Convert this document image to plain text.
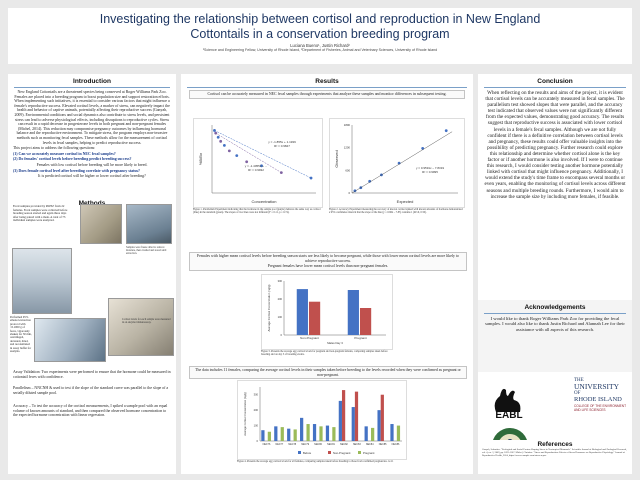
Investigating the relationship between cortisol and reproduction in New England
Cottontails in a conservation breeding program
Luciana Bueno¹, Justin Richard²
¹Science and Engineering Fellow, University of Rhode Island, ²Department of Fisheries, Animal and Veterinary Sciences, University of Rhode Island
Introduction

New England Cottontails are a threatened species being conserved at Roger Williams Park Zoo. Females are placed into a breeding program to boost population size and support restoration efforts. When implementing such initiatives, it is essential to consider various factors that might influence a female's reproductive success. Elevated cortisol levels, a marker of stress, can negatively impact the health and behavior of captive animals, potentially affecting their reproductive success (Ganyah, 2009). Environmental conditions and social dynamics also contribute to stress levels, and persistent stress can lead to adverse physiological effects, including disruptions to reproductive cycles. Stress can result in a rapid decrease in progesterone levels in both pregnant and non-pregnant females (Michel, 2014). This reduction may compromise pregnancy outcomes by influencing hormonal balance and the reproductive environment. To mitigate stress, the program employs non-invasive methods such as monitoring fecal samples. These methods allow for the measurement of cortisol levels in fecal samples, helping to predict reproductive success.

This project aims to address the following questions:

(1) Can we accurately measure cortisol in NEC fecal samples?

(2) Do females' cortisol levels before breeding predict breeding success?

Females with low cortisol before breeding will be more likely to breed.

(3) Does female cortisol level after breeding correlate with pregnancy status?

It is predicted cortisol will be higher or lower cortisol after breeding?

Fecal samples provided by RWPZ from 22 females. Fecal samples were collected before breeding season started and again three days after being paired with a male. A total of 73 individual samples were analyzed.
Samples were freeze dried to remove moisture, then crushed and stored until extraction.
Performed 95% ethanol extraction protocol with ~0.1000 g of feces, vigorously shaken for 30 min, centrifuged, decanted, dried, and reconstituted in assay buffer for analysis.
Cortisol levels for each sample were measured in an enzyme immunoassay.
Assay Validation: Two experiments were performed to ensure that the hormone could be measured in cottontail feces with confidence.
Parallelism – NNCNH & used to test if the slope of the standard curve was parallel to the slope of a serially diluted sample pool.
Accuracy – To test the accuracy of the cortisol measurements, I spiked a sample pool with an equal volume of known amounts of standard, and then compared the observed hormone concentration to the expected hormone concentration with linear regression.
Results
Cortisol can be accurately measured in NEC fecal samples through experiments that analyze these samples and monitor differences in subsequent testing.
Concentration
%B/Bo
y = -1.855x + 1.1939
R² = 0.9847
y = -1.4055x + ...
R² = 0.9932
Figure 1. Parallelism Experiment indicating that the hormone in the sample pool (purple) behaves the same way as cortisol (blue) in the standard (green). The slopes of two lines were not different (F = 0.11, p = 0.74).
0
600
1200
1800
Expected
Observed
y = 0.9591x – 7.8319
R² = 0.9995
Figure 2. Accuracy Experiment measuring the recovery of known cortisol spiked with known amounts of hormone demonstrated a 95% confidence interval that the slope of the line (y = 0.96x – 7.83) contains 1 (R²=0, 0.50).
Females with higher mean cortisol levels before breeding season starts are less likely to become pregnant, while those with lower mean cortisol levels are more likely to achieve reproductive success.
Pregnant females have lower mean cortisol levels than non-pregnant females.
0
100
200
300
Non-Pregnant	Pregnant
Males Day 3
Average Cortisol Concentration (ng/g)
Figure 3. Presents the average egg cortisol levels for pregnant and non-pregnant females, comparing samples taken before breeding and on day 3 of breeding events.
The data includes 11 females, comparing the average cortisol levels in their samples taken before breeding to the levels recorded when they were confirmed as pregnant or non-pregnant.
0
100
200
300
NEC76 NEC77 NEC78 NEC79 NEC80 NEC81 NEC82 NEC83 NEC84 NEC85 NEC86
Before	Non-Pregnant	Pregnant
Average Cortisol Concentration (ng/g)
Figure 4. Presents the average egg cortisol levels for all females, comparing samples taken before breeding to those from confirmed pregnancies. n=11
Conclusion
When reflecting on the results and aims of the project, it is evident that cortisol levels can be accurately measured in fecal samples. The parallelism test showed slopes that were parallel, and the accuracy test indicated that observed values were not significantly different from the expected values, demonstrating good accuracy. The results suggest that reproductive success is associated with lower cortisol levels in a female's fecal samples. Although we are not fully confident if there is a definitive correlation between cortisol levels and pregnancy, these results could offer valuable insights into the possibility of predicting pregnancy. Further research could explore this relationship and determine whether cortisol alone is the key factor or if another hormone is also involved. If I were to continue this research, I would consider testing another hormone potentially linked with cortisol that might influence pregnancy. Additionally, I would extend the study's time frame to encompass several months or even years, enabling the monitoring of cortisol levels across different seasons and multiple breeding rounds. Furthermore, I would aim to increase the sample size by including more females, if feasible.
Acknowledgements
I would like to thank Roger Williams Park Zoo for providing the fecal samples. I would also like to thank Justin Richard and Alannah Lee for their assistance with all aspects of this research.
EABL
THE
UNIVERSITY
OF
RHODE ISLAND
COLLEGE OF THE ENVIRONMENT AND LIFE SCIENCES
References
Ganyah, Sebastien. "Ecological and Social Factors Shaping Stress in Neotropical Mammals." Scientific Journal of Biological and Zoological Research, vol. 4, no. 3, 2009, pp. 1091-1107. Michel, Christine. "Stress and Reproduction: Effects of Stress Hormones on Reproductive Physiology." Journal of Reproductive Health, 2014, https://www.example.com/stress-repro.
